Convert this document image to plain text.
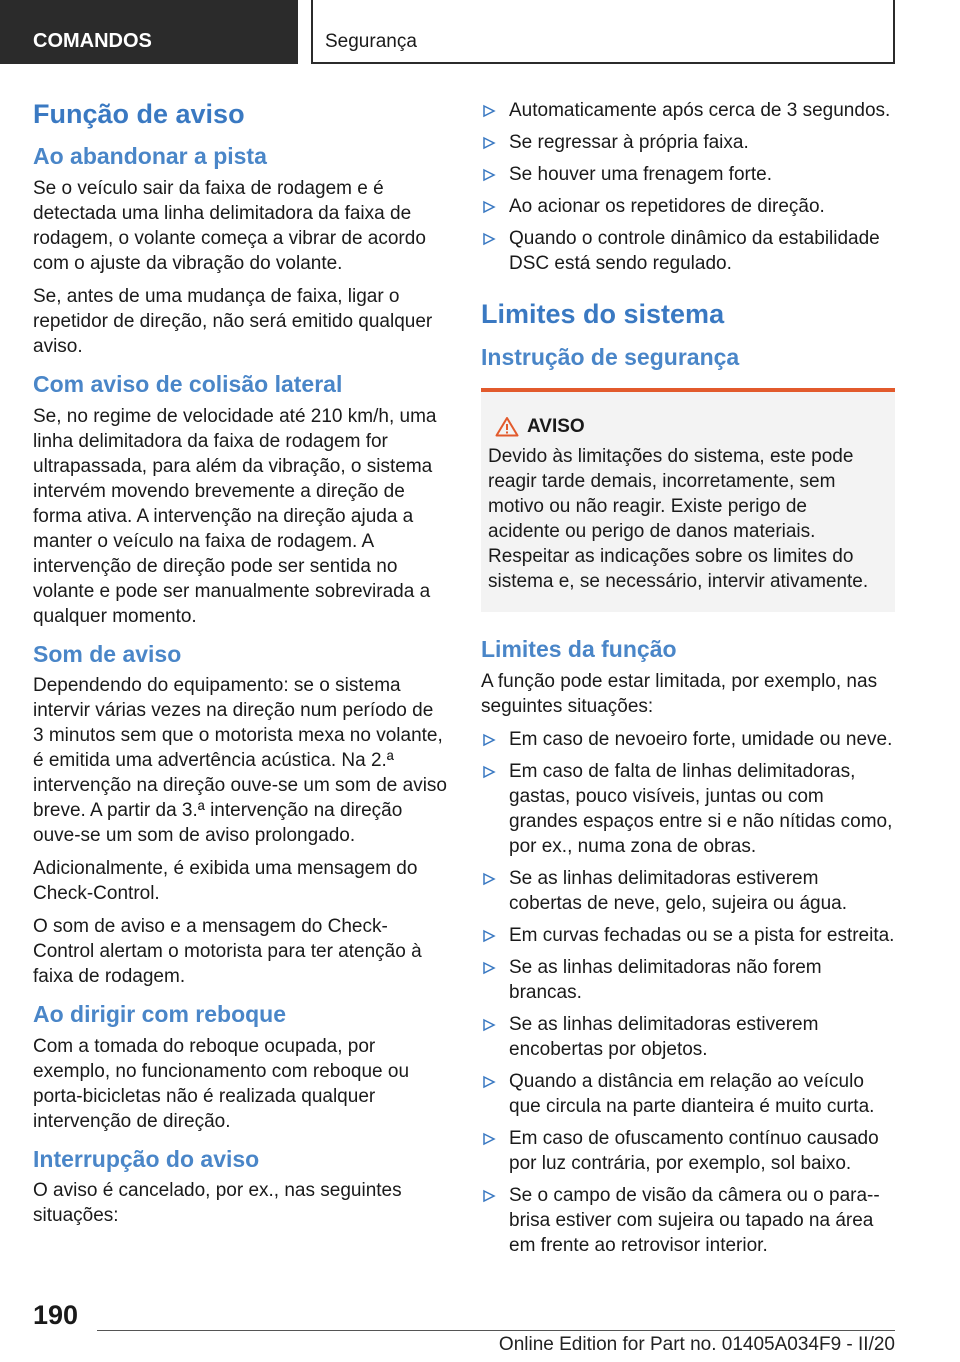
COMANDOS	Segurança
Função de aviso
Ao abandonar a pista

Se o veículo sair da faixa de rodagem e é detectada uma linha delimitadora da faixa de rodagem, o volante começa a vibrar de acordo com o ajuste da vibração do volante.

Se, antes de uma mudança de faixa, ligar o repetidor de direção, não será emitido qualquer aviso.

Com aviso de colisão lateral

Se, no regime de velocidade até 210 km/h, uma linha delimitadora da faixa de rodagem for ultrapassada, para além da vibração, o sistema intervém movendo brevemente a direção de forma ativa. A intervenção na direção ajuda a manter o veículo na faixa de rodagem. A intervenção de direção pode ser sentida no volante e pode ser manualmente sobrevirada a qualquer momento.

Som de aviso

Dependendo do equipamento: se o sistema intervir várias vezes na direção num período de 3 minutos sem que o motorista mexa no volante, é emitida uma advertência acústica. Na 2.ª intervenção na direção ouve-se um som de aviso breve. A partir da 3.ª intervenção na direção ouve-se um som de aviso prolongado.

Adicionalmente, é exibida uma mensagem do Check-Control.

O som de aviso e a mensagem do Check-Control alertam o motorista para ter atenção à faixa de rodagem.

Ao dirigir com reboque

Com a tomada do reboque ocupada, por exemplo, no funcionamento com reboque ou porta-bicicletas não é realizada qualquer intervenção de direção.

Interrupção do aviso

O aviso é cancelado, por ex., nas seguintes situações:

Automaticamente após cerca de 3 segundos.
Se regressar à própria faixa.
Se houver uma frenagem forte.
Ao acionar os repetidores de direção.
Quando o controle dinâmico da estabilidade DSC está sendo regulado.
Limites do sistema
Instrução de segurança
AVISO

Devido às limitações do sistema, este pode reagir tarde demais, incorretamente, sem motivo ou não reagir. Existe perigo de acidente ou perigo de danos materiais. Respeitar as indicações sobre os limites do sistema e, se necessário, intervir ativamente.

Limites da função

A função pode estar limitada, por exemplo, nas seguintes situações:

Em caso de nevoeiro forte, umidade ou neve.
Em caso de falta de linhas delimitadoras, gastas, pouco visíveis, juntas ou com grandes espaços entre si e não nítidas como, por ex., numa zona de obras.
Se as linhas delimitadoras estiverem cobertas de neve, gelo, sujeira ou água.
Em curvas fechadas ou se a pista for estreita.
Se as linhas delimitadoras não forem brancas.
Se as linhas delimitadoras estiverem encobertas por objetos.
Quando a distância em relação ao veículo que circula na parte dianteira é muito curta.
Em caso de ofuscamento contínuo causado por luz contrária, por exemplo, sol baixo.
Se o campo de visão da câmera ou o para--brisa estiver com sujeira ou tapado na área em frente ao retrovisor interior.
190
Online Edition for Part no. 01405A034F9 - II/20
